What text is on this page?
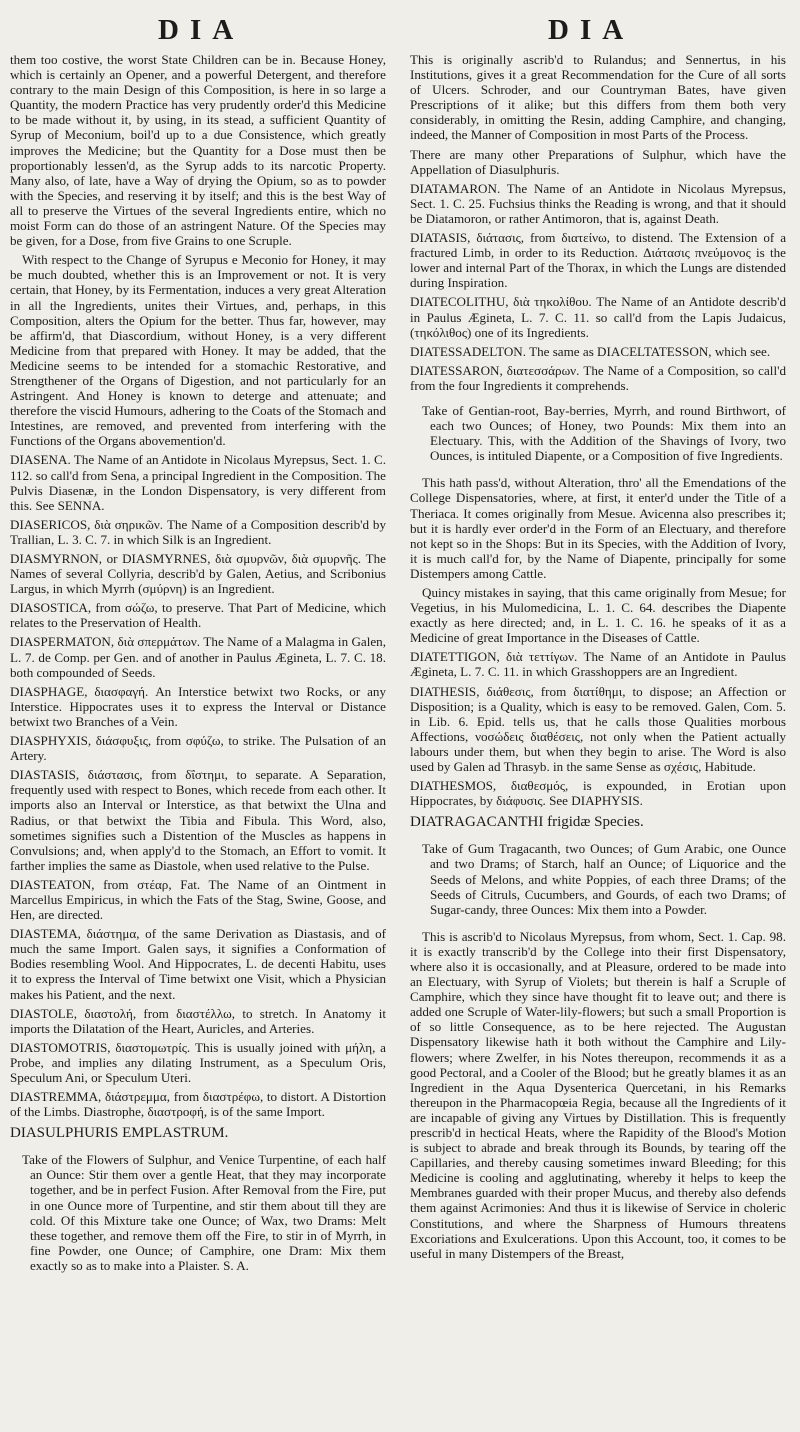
DIA	DIA

them too costive, the worst State Children can be in. Because Honey, which is certainly an Opener, and a powerful Detergent, and therefore contrary to the main Design of this Composition, is here in so large a Quantity, the modern Practice has very prudently order'd this Medicine to be made without it, by using, in its stead, a sufficient Quantity of Syrup of Meconium, boil'd up to a due Consistence, which greatly improves the Medicine; but the Quantity for a Dose must then be proportionably lessen'd, as the Syrup adds to its narcotic Property. Many also, of late, have a Way of drying the Opium, so as to powder with the Species, and reserving it by itself; and this is the best Way of all to preserve the Virtues of the several Ingredients entire, which no moist Form can do those of an astringent Nature. Of the Species may be given, for a Dose, from five Grains to one Scruple.

With respect to the Change of Syrupus e Meconio for Honey, it may be much doubted, whether this is an Improvement or not. It is very certain, that Honey, by its Fermentation, induces a very great Alteration in all the Ingredients, unites their Virtues, and, perhaps, in this Composition, alters the Opium for the better. Thus far, however, may be affirm'd, that Diascordium, without Honey, is a very different Medicine from that prepared with Honey. It may be added, that the Medicine seems to be intended for a stomachic Restorative, and Strengthener of the Organs of Digestion, and not particularly for an Astringent. And Honey is known to deterge and attenuate; and therefore the viscid Humours, adhering to the Coats of the Stomach and Intestines, are removed, and prevented from interfering with the Functions of the Organs abovemention'd.

DIASENA. The Name of an Antidote in Nicolaus Myrepsus, Sect. 1. C. 112. so call'd from Sena, a principal Ingredient in the Composition. The Pulvis Diasenæ, in the London Dispensatory, is very different from this. See SENNA.

DIASERICOS, διὰ σηρικῶν. The Name of a Composition describ'd by Trallian, L. 3. C. 7. in which Silk is an Ingredient.

DIASMYRNON, or DIASMYRNES, διὰ σμυρνῶν, διὰ σμυρνῆς. The Names of several Collyria, describ'd by Galen, Aetius, and Scribonius Largus, in which Myrrh (σμύρνη) is an Ingredient.

DIASOSTICA, from σώζω, to preserve. That Part of Medicine, which relates to the Preservation of Health.

DIASPERMATON, διὰ σπερμάτων. The Name of a Malagma in Galen, L. 7. de Comp. per Gen. and of another in Paulus Ægineta, L. 7. C. 18. both compounded of Seeds.

DIASPHAGE, διασφαγή. An Interstice betwixt two Rocks, or any Interstice. Hippocrates uses it to express the Interval or Distance betwixt two Branches of a Vein.

DIASPHYXIS, διάσφυξις, from σφύζω, to strike. The Pulsation of an Artery.

DIASTASIS, διάστασις, from δΐστημι, to separate. A Separation, frequently used with respect to Bones, which recede from each other. It imports also an Interval or Interstice, as that betwixt the Ulna and Radius, or that betwixt the Tibia and Fibula. This Word, also, sometimes signifies such a Distention of the Muscles as happens in Convulsions; and, when apply'd to the Stomach, an Effort to vomit. It farther implies the same as Diastole, when used relative to the Pulse.

DIASTEATON, from στέαρ, Fat. The Name of an Ointment in Marcellus Empiricus, in which the Fats of the Stag, Swine, Goose, and Hen, are directed.

DIASTEMA, διάστημα, of the same Derivation as Diastasis, and of much the same Import. Galen says, it signifies a Conformation of Bodies resembling Wool. And Hippocrates, L. de decenti Habitu, uses it to express the Interval of Time betwixt one Visit, which a Physician makes his Patient, and the next.

DIASTOLE, διαστολή, from διαστέλλω, to stretch. In Anatomy it imports the Dilatation of the Heart, Auricles, and Arteries.

DIASTOMOTRIS, διαστομωτρίς. This is usually joined with μήλη, a Probe, and implies any dilating Instrument, as a Speculum Oris, Speculum Ani, or Speculum Uteri.

DIASTREMMA, διάστρεμμα, from διαστρέφω, to distort. A Distortion of the Limbs. Diastrophe, διαστροφή, is of the same Import.

DIASULPHURIS EMPLASTRUM.

Take of the Flowers of Sulphur, and Venice Turpentine, of each half an Ounce: Stir them over a gentle Heat, that they may incorporate together, and be in perfect Fusion. After Removal from the Fire, put in one Ounce more of Turpentine, and stir them about till they are cold. Of this Mixture take one Ounce; of Wax, two Drams: Melt these together, and remove them off the Fire, to stir in of Myrrh, in fine Powder, one Ounce; of Camphire, one Dram: Mix them exactly so as to make into a Plaister. S. A.

This is originally ascrib'd to Rulandus; and Sennertus, in his Institutions, gives it a great Recommendation for the Cure of all sorts of Ulcers. Schroder, and our Countryman Bates, have given Prescriptions of it alike; but this differs from them both very considerably, in omitting the Resin, adding Camphire, and changing, indeed, the Manner of Composition in most Parts of the Process.

There are many other Preparations of Sulphur, which have the Appellation of Diasulphuris.

DIATAMARON. The Name of an Antidote in Nicolaus Myrepsus, Sect. 1. C. 25. Fuchsius thinks the Reading is wrong, and that it should be Diatamoron, or rather Antimoron, that is, against Death.

DIATASIS, διάτασις, from διατείνω, to distend. The Extension of a fractured Limb, in order to its Reduction. Διάτασις πνεύμονος is the lower and internal Part of the Thorax, in which the Lungs are distended during Inspiration.

DIATECOLITHU, διὰ τηκολίθου. The Name of an Antidote describ'd in Paulus Ægineta, L. 7. C. 11. so call'd from the Lapis Judaicus, (τηκόλιθος) one of its Ingredients.

DIATESSADELTON. The same as DIACELTATESSON, which see.

DIATESSARON, διατεσσάρων. The Name of a Composition, so call'd from the four Ingredients it comprehends.

Take of Gentian-root, Bay-berries, Myrrh, and round Birthwort, of each two Ounces; of Honey, two Pounds: Mix them into an Electuary. This, with the Addition of the Shavings of Ivory, two Ounces, is intituled Diapente, or a Composition of five Ingredients.

This hath pass'd, without Alteration, thro' all the Emendations of the College Dispensatories, where, at first, it enter'd under the Title of a Theriaca. It comes originally from Mesue. Avicenna also prescribes it; but it is hardly ever order'd in the Form of an Electuary, and therefore not kept so in the Shops: But in its Species, with the Addition of Ivory, it is much call'd for, by the Name of Diapente, principally for some Distempers among Cattle.

Quincy mistakes in saying, that this came originally from Mesue; for Vegetius, in his Mulomedicina, L. 1. C. 64. describes the Diapente exactly as here directed; and, in L. 1. C. 16. he speaks of it as a Medicine of great Importance in the Diseases of Cattle.

DIATETTIGON, διὰ τεττίγων. The Name of an Antidote in Paulus Ægineta, L. 7. C. 11. in which Grasshoppers are an Ingredient.

DIATHESIS, διάθεσις, from διατίθημι, to dispose; an Affection or Disposition; is a Quality, which is easy to be removed. Galen, Com. 5. in Lib. 6. Epid. tells us, that he calls those Qualities morbous Affections, νοσώδεις διαθέσεις, not only when the Patient actually labours under them, but when they begin to arise. The Word is also used by Galen ad Thrasyb. in the same Sense as σχέσις, Habitude.

DIATHESMOS, διαθεσμός, is expounded, in Erotian upon Hippocrates, by διάφυσις. See DIAPHYSIS.

DIATRAGACANTHI frigidæ Species.

Take of Gum Tragacanth, two Ounces; of Gum Arabic, one Ounce and two Drams; of Starch, half an Ounce; of Liquorice and the Seeds of Melons, and white Poppies, of each three Drams; of the Seeds of Citruls, Cucumbers, and Gourds, of each two Drams; of Sugar-candy, three Ounces: Mix them into a Powder.

This is ascrib'd to Nicolaus Myrepsus, from whom, Sect. 1. Cap. 98. it is exactly transcrib'd by the College into their first Dispensatory, where also it is occasionally, and at Pleasure, ordered to be made into an Electuary, with Syrup of Violets; but therein is half a Scruple of Camphire, which they since have thought fit to leave out; and there is added one Scruple of Water-lily-flowers; but such a small Proportion is of so little Consequence, as to be here rejected. The Augustan Dispensatory likewise hath it both without the Camphire and Lily-flowers; where Zwelfer, in his Notes thereupon, recommends it as a good Pectoral, and a Cooler of the Blood; but he greatly blames it as an Ingredient in the Aqua Dysenterica Quercetani, in his Remarks thereupon in the Pharmacopœia Regia, because all the Ingredients of it are incapable of giving any Virtues by Distillation. This is frequently prescrib'd in hectical Heats, where the Rapidity of the Blood's Motion is subject to abrade and break through its Bounds, by tearing off the Capillaries, and thereby causing sometimes inward Bleeding; for this Medicine is cooling and agglutinating, whereby it helps to keep the Membranes guarded with their proper Mucus, and thereby also defends them against Acrimonies: And thus it is likewise of Service in choleric Constitutions, and where the Sharpness of Humours threatens Excoriations and Exulcerations. Upon this Account, too, it comes to be useful in many Distempers of the Breast,
